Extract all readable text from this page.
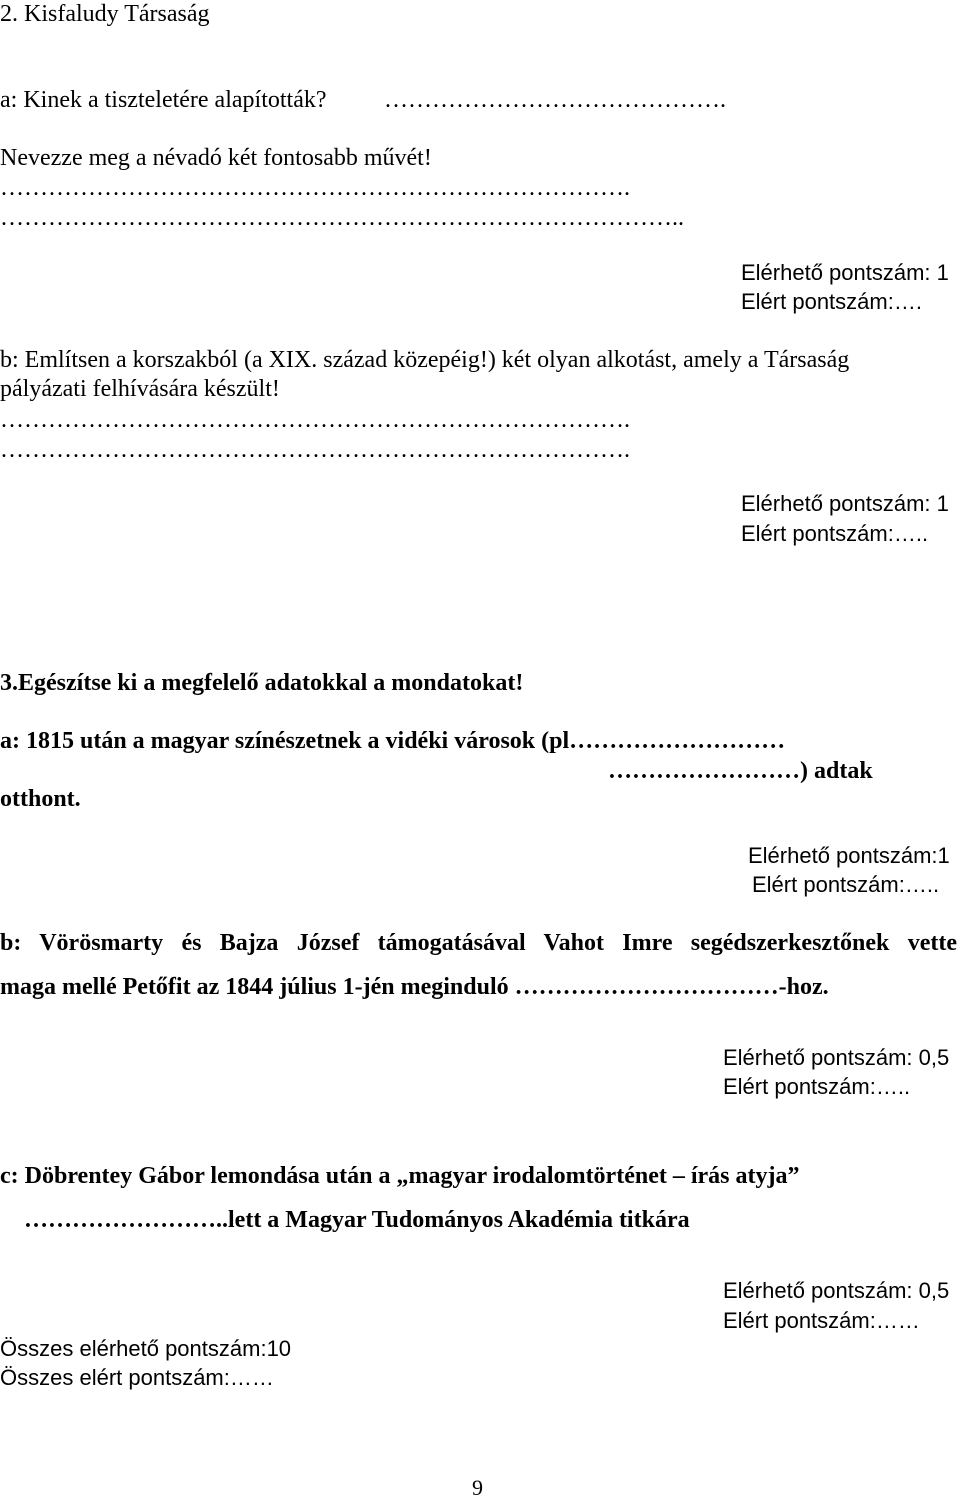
2. Kisfaludy Társaság
a: Kinek a tiszteletére alapították? …………………………………….
Nevezze meg a névadó két fontosabb művét!
…………………………………………………………………….
…………………………………………………………………………..
Elérhető pontszám: 1
Elért pontszám:….
b: Említsen a korszakból (a XIX. század közepéig!) két olyan alkotást, amely a Társaság
pályázati felhívására készült!
…………………………………………………………………….
…………………………………………………………………….
Elérhető pontszám: 1
Elért pontszám:…..
3.Egészítse ki a megfelelő adatokkal a mondatokat!
a: 1815 után a magyar színészetnek a vidéki városok (pl………………………
……………………) adtak
otthont.
Elérhető pontszám:1
Elért pontszám:…..
b: Vörösmarty és Bajza József támogatásával Vahot Imre segédszerkesztőnek vette
maga mellé Petőfit az 1844 július 1-jén meginduló ……………………………-hoz.
Elérhető pontszám: 0,5
Elért pontszám:…..
c: Döbrentey Gábor lemondása után a „magyar irodalomtörténet – írás atyja”
……………………..lett a Magyar Tudományos Akadémia titkára
Elérhető pontszám: 0,5
Elért pontszám:……
Összes elérhető pontszám:10
Összes elért pontszám:……
9
